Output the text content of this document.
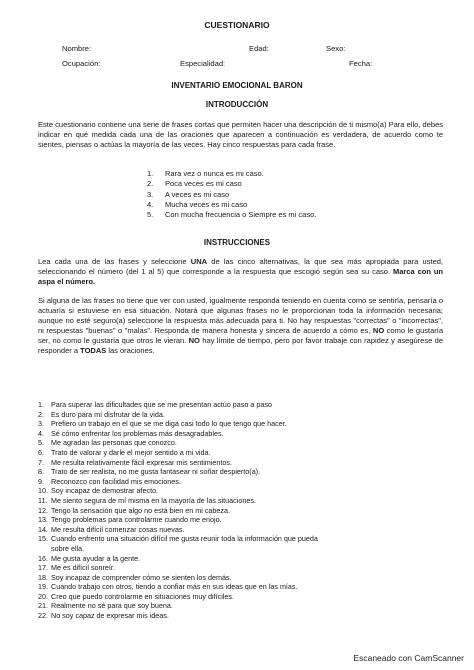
CUESTIONARIO
Nombre:	Edad:	Sexo:
Ocupación:	Especialidad:	Fecha:
INVENTARIO EMOCIONAL BARON
INTRODUCCIÓN

Este cuestionario contiene una serie de frases cortas que permiten hacer una descripción de ti mismo(a) Para ello, debes indicar en qué medida cada una de las oraciones que aparecen a continuación es verdadera, de acuerdo como te sientes, piensas o actúas la mayoría de las veces. Hay cinco respuestas para cada frase.

1. Rara vez o nunca es mi caso.
2. Poca veces es mi caso
3. A veces es mi caso
4. Mucha veces es mi caso
5. Con mucha frecuencia o Siempre es mi caso.
INSTRUCCIONES

Lea cada una de las frases y seleccione UNA de las cinco alternativas, la que sea más apropiada para usted, seleccionando el número (del 1 al 5) que corresponde a la respuesta que escogió según sea su caso. Marca con un aspa el número.

Si alguna de las frases no tiene que ver con usted, igualmente responda teniendo en cuenta como se sentiría, pensaría o actuaría si estuviese en esa situación. Notará que algunas frases no le proporcionan toda la información necesaria; aunque no esté seguro(a) seleccione la respuesta más adecuada para ti. No hay respuestas "correctas" o "incorrectas", ni respuestas "buenas" o "malas". Responda de manera honesta y sincera de acuerdo a cómo es, NO como le gustaría ser, no como le gustaría que otros le vieran. NO hay límite de tiempo, pero por favor trabaje con rapidez y asegúrese de responder a TODAS las oraciones.

1. Para superar las dificultades que se me presentan actúo paso a paso
2. Es duro para mí disfrutar de la vida.
3. Prefiero un trabajo en el que se me diga casi todo lo que tengo que hacer.
4. Sé cómo enfrentar los problemas más desagradables.
5. Me agradan las personas que conozco.
6. Trato de valorar y darle el mejor sentido a mi vida.
7. Me resulta relativamente fácil expresar mis sentimientos.
8. Trato de ser realista, no me gusta fantasear ni soñar despierto(a).
9. Reconozco con facilidad mis emociones.
10. Soy incapaz de demostrar afecto.
11. Me siento segura de mí misma en la mayoría de las situaciones.
12. Tengo la sensación que algo no está bien en mi cabeza.
13. Tengo problemas para controlarme cuando me enojo.
14. Me resulta difícil comenzar cosas nuevas.
15. Cuando enfrento una situación difícil me gusta reunir toda la información que pueda
sobre ella.
16. Me gusta ayudar a la gente.
17. Me es difícil sonreír.
18. Soy incapaz de comprender cómo se sienten los demás.
19. Cuando trabajo con otros, tiendo a confiar más en sus ideas que en las mías.
20. Creo que puedo controlarme en situaciones muy difíciles.
21. Realmente no sé para que soy buena.
22. No soy capaz de expresar mis ideas.
Escaneado con CamScanner
